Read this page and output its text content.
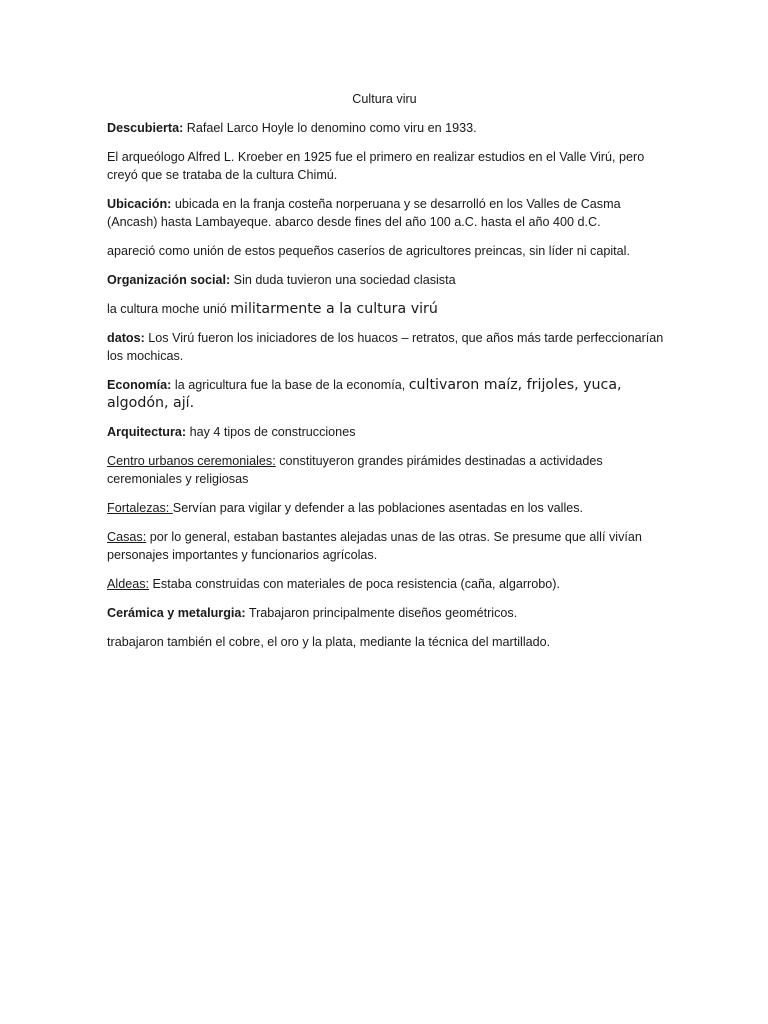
Cultura viru

Descubierta: Rafael Larco Hoyle lo denomino como viru en 1933.

El arqueólogo Alfred L. Kroeber en 1925 fue el primero en realizar estudios en el Valle Virú, pero creyó que se trataba de la cultura Chimú.

Ubicación: ubicada en la franja costeña norperuana y se desarrolló en los Valles de Casma (Ancash) hasta Lambayeque. abarco desde fines del año 100 a.C. hasta el año 400 d.C.

apareció como unión de estos pequeños caseríos de agricultores preincas, sin líder ni capital.

Organización social: Sin duda tuvieron una sociedad clasista

la cultura moche unió militarmente a la cultura virú

datos: Los Virú fueron los iniciadores de los huacos – retratos, que años más tarde perfeccionarían los mochicas.

Economía: la agricultura fue la base de la economía, cultivaron maíz, frijoles, yuca, algodón, ají.

Arquitectura: hay 4 tipos de construcciones

Centro urbanos ceremoniales: constituyeron grandes pirámides destinadas a actividades ceremoniales y religiosas

Fortalezas: Servían para vigilar y defender a las poblaciones asentadas en los valles.

Casas: por lo general, estaban bastantes alejadas unas de las otras. Se presume que allí vivían personajes importantes y funcionarios agrícolas.

Aldeas: Estaba construidas con materiales de poca resistencia (caña, algarrobo).

Cerámica y metalurgia: Trabajaron principalmente diseños geométricos.

trabajaron también el cobre, el oro y la plata, mediante la técnica del martillado.
